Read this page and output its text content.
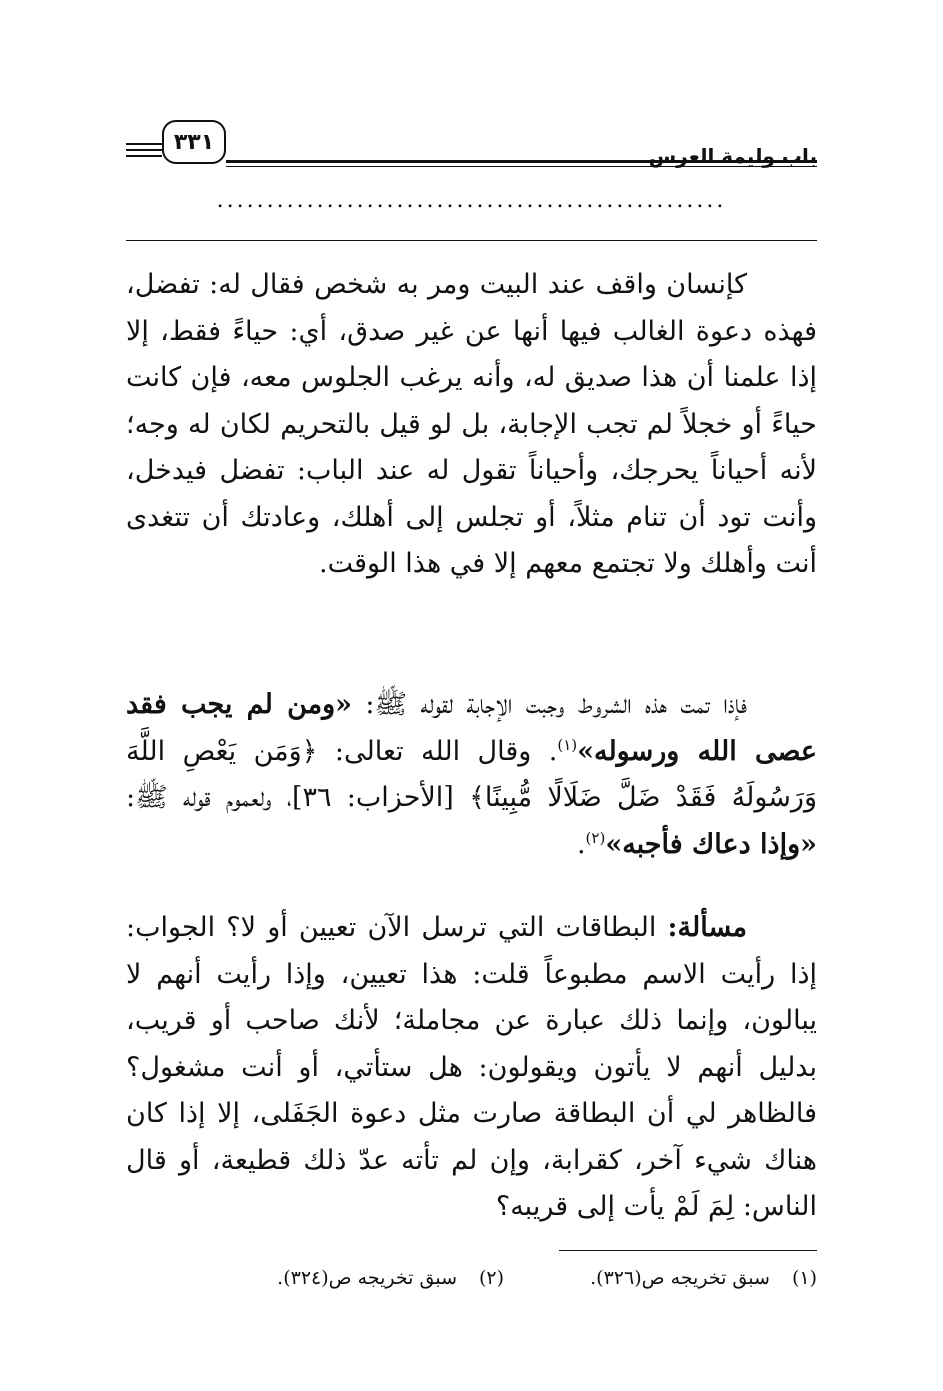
باب وليمة العرس
٣٣١
...................................................

كإنسان واقف عند البيت ومر به شخص فقال له: تفضل، فهذه دعوة الغالب فيها أنها عن غير صدق، أي: حياءً فقط، إلا إذا علمنا أن هذا صديق له، وأنه يرغب الجلوس معه، فإن كانت حياءً أو خجلاً لم تجب الإجابة، بل لو قيل بالتحريم لكان له وجه؛ لأنه أحياناً يحرجك، وأحياناً تقول له عند الباب: تفضل فيدخل، وأنت تود أن تنام مثلاً، أو تجلس إلى أهلك، وعادتك أن تتغدى أنت وأهلك ولا تجتمع معهم إلا في هذا الوقت.

فإذا تمت هذه الشروط وجبت الإجابة لقوله ﷺ: «ومن لم يجب فقد عصى الله ورسوله»$^{(١)}$. وقال الله تعالى: ﴿وَمَن يَعْصِ اللَّهَ وَرَسُولَهُ فَقَدْ ضَلَّ ضَلَالًا مُّبِينًا﴾ [الأحزاب: ٣٦]، ولعموم قوله ﷺ: «وإذا دعاك فأجبه»$^{(٢)}$.

مسألة: البطاقات التي ترسل الآن تعيين أو لا؟ الجواب: إذا رأيت الاسم مطبوعاً قلت: هذا تعيين، وإذا رأيت أنهم لا يبالون، وإنما ذلك عبارة عن مجاملة؛ لأنك صاحب أو قريب، بدليل أنهم لا يأتون ويقولون: هل ستأتي، أو أنت مشغول؟ فالظاهر لي أن البطاقة صارت مثل دعوة الجَفَلى، إلا إذا كان هناك شيء آخر، كقرابة، وإن لم تأته عدّ ذلك قطيعة، أو قال الناس: لِمَ لَمْ يأت إلى قريبه؟

(١)سبق تخريجه ص(٣٢٦). (٢)سبق تخريجه ص(٣٢٤).
